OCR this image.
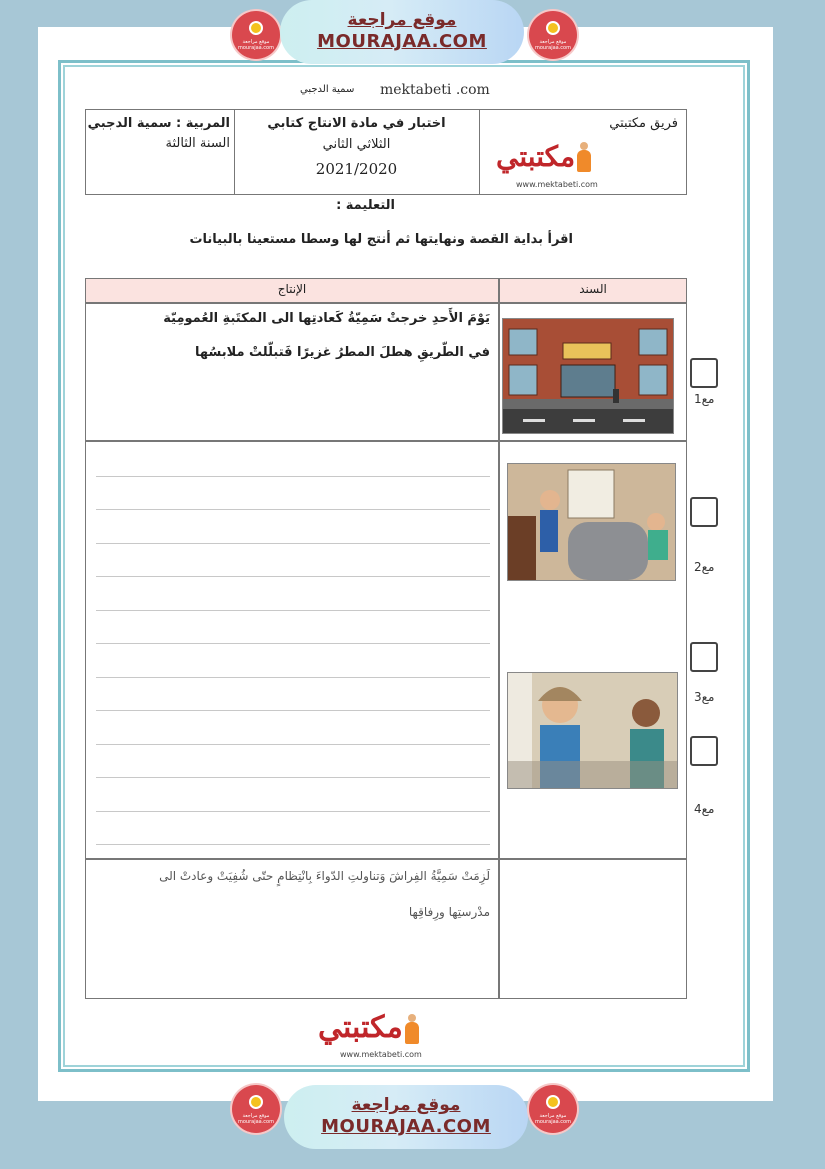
موقع مراجعة mourajaa.com
موقع مراجعة
MOURAJAA.COM	موقع مراجعة mourajaa.com
سمية الدجبي mektabeti .com
المربية : سمية الدجبي
السنة الثالثة
اختبار في مادة الانتاج كتابي
الثلاثي الثاني
2021/2020
فريق مكتبتي
مكتبتي
www.mektabeti.com
التعليمة :
اقرأ بداية القصة ونهايتها ثم أنتج لها وسطا مستعينا بالبيانات
الإنتاج	السند
يَوْمَ الأَحدِ خرجتْ سَمِيّةُ كَعادتِها الى المكتَبةِ العُمومِيّة
في الطّريقِ هطلَ المطرُ غزيرًا فَتبلّلتْ ملابسُها
لَزِمَتْ سَمِيَّةُ الفِراشَ وَتناولتِ الدّواءَ بِانْتِظامٍ حتّى شُفِيَتْ وعادتْ الى
مدْرستِها ورِفاقِها
مع1
مع2
مع3
مع4
مكتبتي
www.mektabeti.com
موقع مراجعة mourajaa.com
موقع مراجعة
MOURAJAA.COM	موقع مراجعة mourajaa.com
